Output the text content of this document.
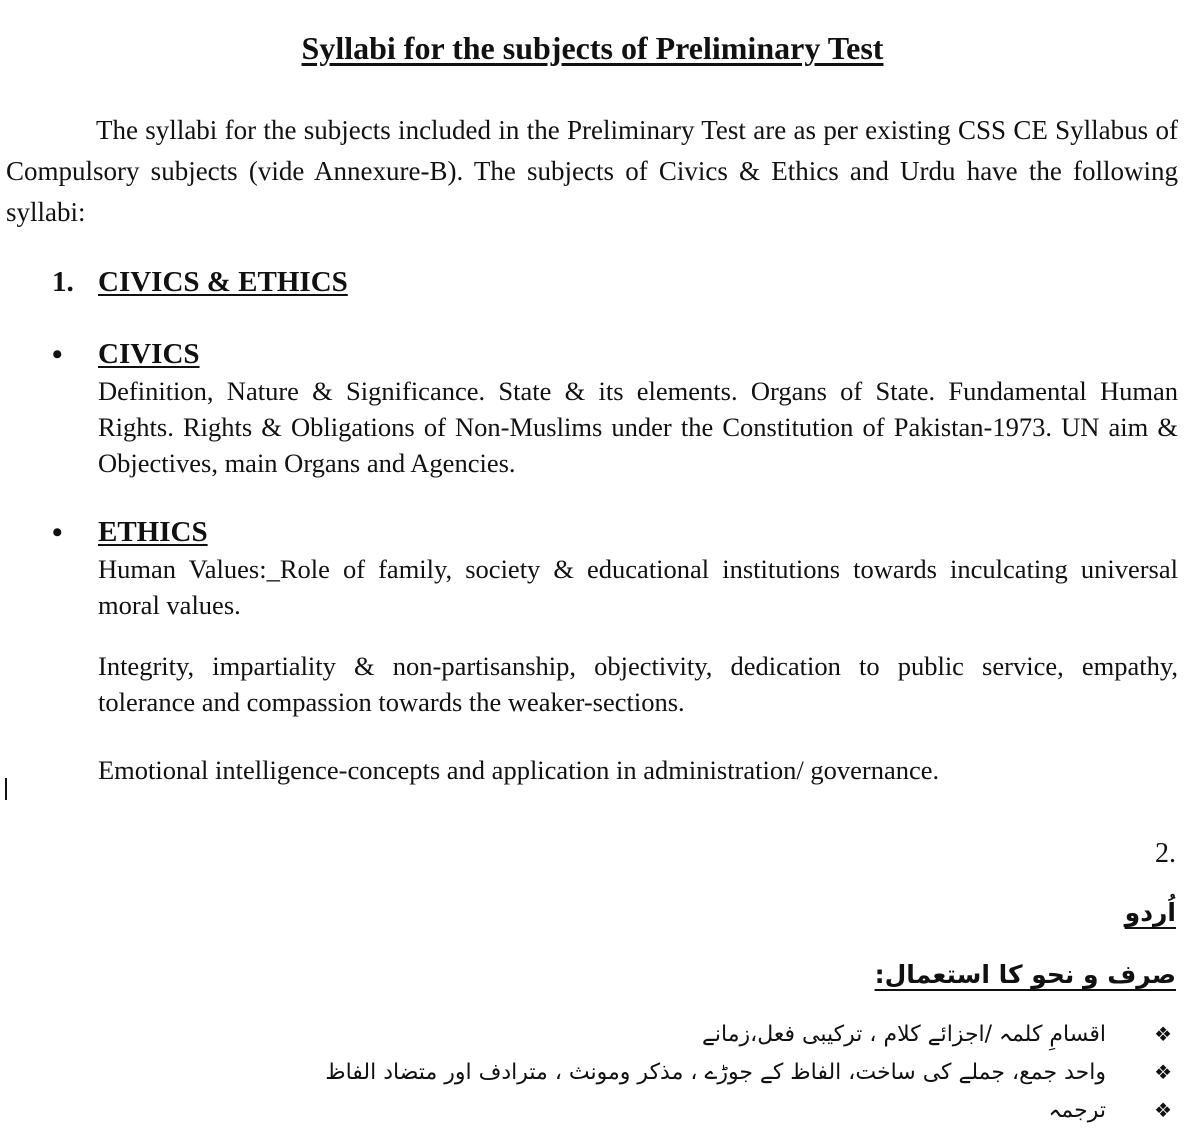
Syllabi for the subjects of Preliminary Test
The syllabi for the subjects included in the Preliminary Test are as per existing CSS CE Syllabus of Compulsory subjects (vide Annexure-B). The subjects of Civics & Ethics and Urdu have the following syllabi:
1. CIVICS & ETHICS
• CIVICS
Definition, Nature & Significance. State & its elements. Organs of State. Fundamental Human Rights. Rights & Obligations of Non-Muslims under the Constitution of Pakistan-1973. UN aim & Objectives, main Organs and Agencies.
• ETHICS
Human Values:_Role of family, society & educational institutions towards inculcating universal moral values.
Integrity, impartiality & non-partisanship, objectivity, dedication to public service, empathy, tolerance and compassion towards the weaker-sections.
Emotional intelligence-concepts and application in administration/ governance.
2.
اُردو
صرف و نحو کا استعمال:
❖
اقسامِ کلمہ /اجزائے کلام ، ترکیبی فعل،زمانے
❖
واحد جمع، جملے کی ساخت، الفاظ کے جوڑے ، مذکر ومونث ، مترادف اور متضاد الفاظ
❖
ترجمہ
